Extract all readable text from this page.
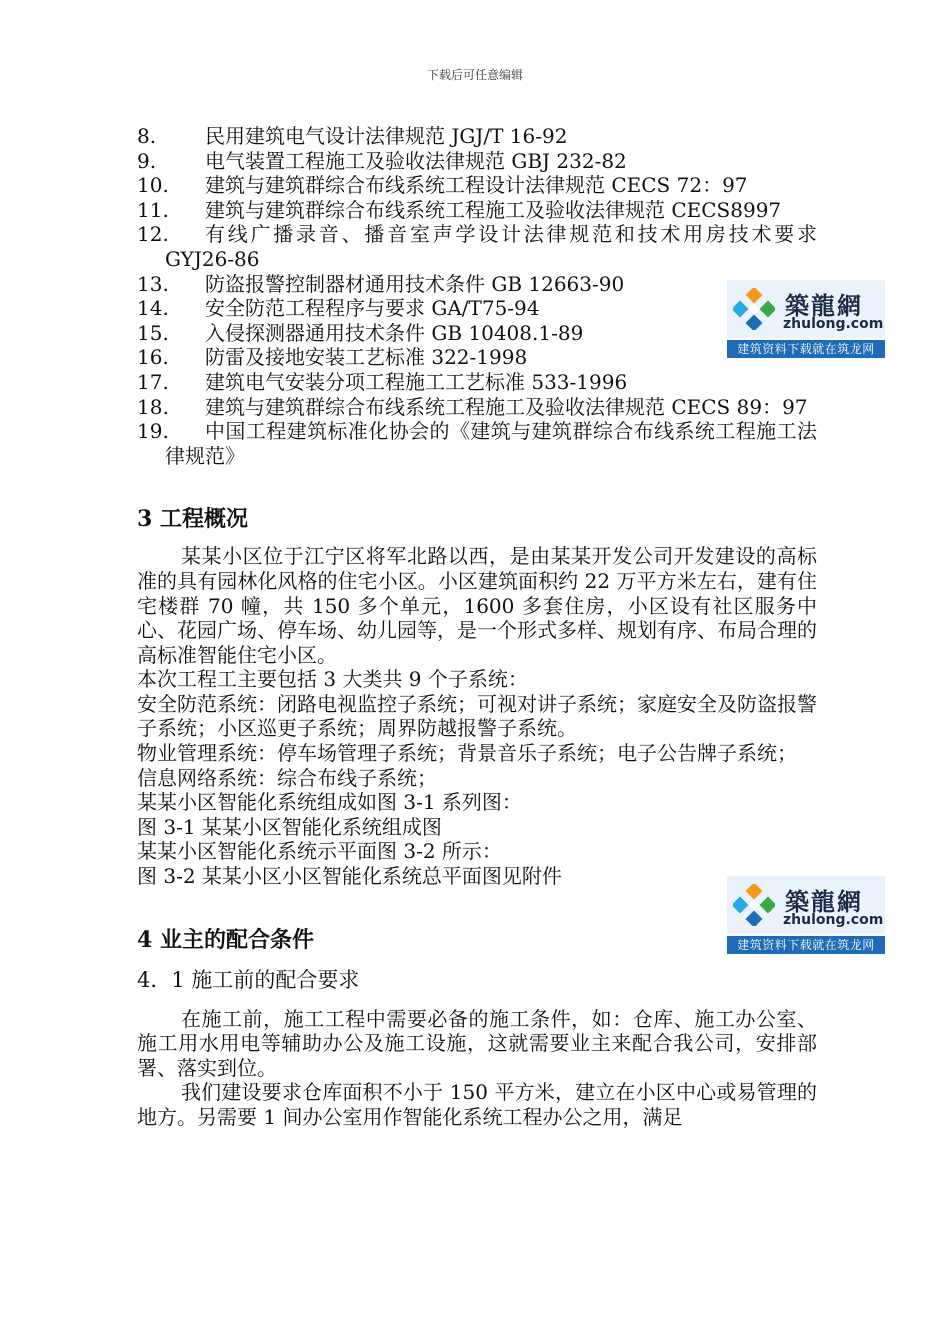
下载后可任意编辑
8. 民用建筑电气设计法律规范 JGJ/T 16-92
9. 电气装置工程施工及验收法律规范 GBJ 232-82
10. 建筑与建筑群综合布线系统工程设计法律规范 CECS 72：97
11. 建筑与建筑群综合布线系统工程施工及验收法律规范 CECS8997
12.	有线广播录音、播音室声学设计法律规范和技术用房技术要求 GYJ26-86
13. 防盗报警控制器材通用技术条件 GB 12663-90
14. 安全防范工程程序与要求 GA/T75-94
15. 入侵探测器通用技术条件 GB 10408.1-89
16. 防雷及接地安装工艺标准 322-1998
17. 建筑电气安装分项工程施工工艺标准 533-1996
18. 建筑与建筑群综合布线系统工程施工及验收法律规范 CECS 89：97
19.	中国工程建筑标准化协会的《建筑与建筑群综合布线系统工程施工法律规范》
3 工程概况

某某小区位于江宁区将军北路以西，是由某某开发公司开发建设的高标准的具有园林化风格的住宅小区。小区建筑面积约 22 万平方米左右，建有住宅楼群 70 幢，共 150 多个单元，1600 多套住房，小区设有社区服务中心、花园广场、停车场、幼儿园等，是一个形式多样、规划有序、布局合理的高标准智能住宅小区。

本次工程工主要包括 3 大类共 9 个子系统：

安全防范系统：闭路电视监控子系统；可视对讲子系统；家庭安全及防盗报警子系统；小区巡更子系统；周界防越报警子系统。

物业管理系统：停车场管理子系统；背景音乐子系统；电子公告牌子系统；

信息网络系统：综合布线子系统；

某某小区智能化系统组成如图 3-1 系列图：

图 3-1 某某小区智能化系统组成图

某某小区智能化系统示平面图 3-2 所示：

图 3-2 某某小区小区智能化系统总平面图见附件

4 业主的配合条件
4．1 施工前的配合要求

在施工前，施工工程中需要必备的施工条件，如：仓库、施工办公室、施工用水用电等辅助办公及施工设施，这就需要业主来配合我公司，安排部署、落实到位。

我们建设要求仓库面积不小于 150 平方米，建立在小区中心或易管理的地方。另需要 1 间办公室用作智能化系统工程办公之用，满足

築龍網
zhulong.com
建筑资料下载就在筑龙网
築龍網
zhulong.com
建筑资料下载就在筑龙网
